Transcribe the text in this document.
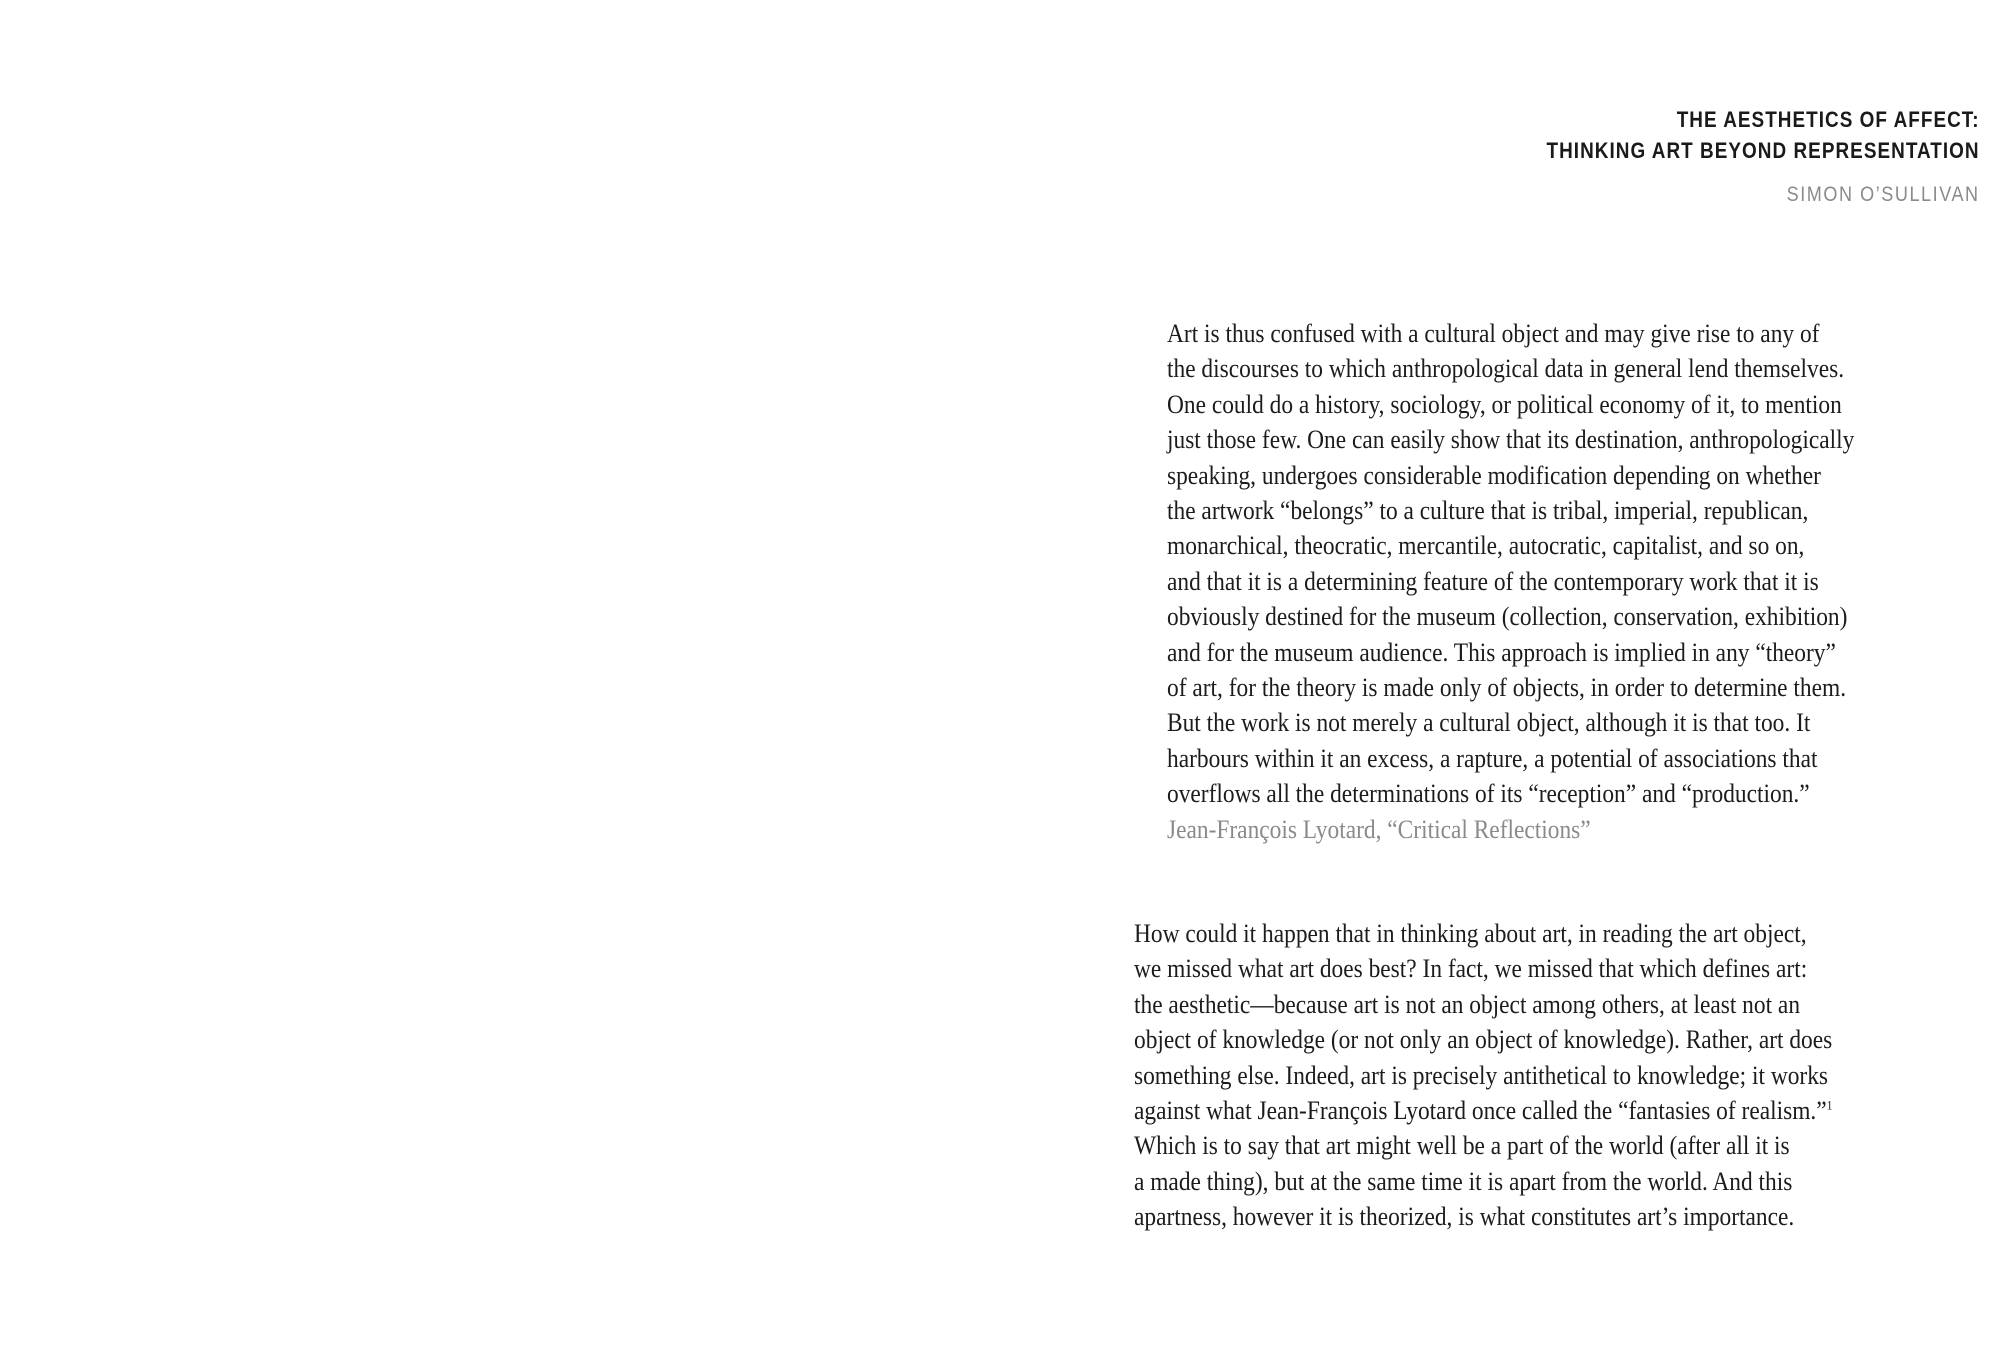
THE AESTHETICS OF AFFECT:
THINKING ART BEYOND REPRESENTATION
SIMON O’SULLIVAN
Art is thus confused with a cultural object and may give rise to any of
the discourses to which anthropological data in general lend themselves.
One could do a history, sociology, or political economy of it, to mention
just those few. One can easily show that its destination, anthropologically
speaking, undergoes considerable modification depending on whether
the artwork “belongs” to a culture that is tribal, imperial, republican,
monarchical, theocratic, mercantile, autocratic, capitalist, and so on,
and that it is a determining feature of the contemporary work that it is
obviously destined for the museum (collection, conservation, exhibition)
and for the museum audience. This approach is implied in any “theory”
of art, for the theory is made only of objects, in order to determine them.
But the work is not merely a cultural object, although it is that too. It
harbours within it an excess, a rapture, a potential of associations that
overflows all the determinations of its “reception” and “production.”
Jean-François Lyotard, “Critical Reflections”
How could it happen that in thinking about art, in reading the art object,
we missed what art does best? In fact, we missed that which defines art:
the aesthetic—because art is not an object among others, at least not an
object of knowledge (or not only an object of knowledge). Rather, art does
something else. Indeed, art is precisely antithetical to knowledge; it works
against what Jean-François Lyotard once called the “fantasies of realism.”$^1$
Which is to say that art might well be a part of the world (after all it is
a made thing), but at the same time it is apart from the world. And this
apartness, however it is theorized, is what constitutes art’s importance.
